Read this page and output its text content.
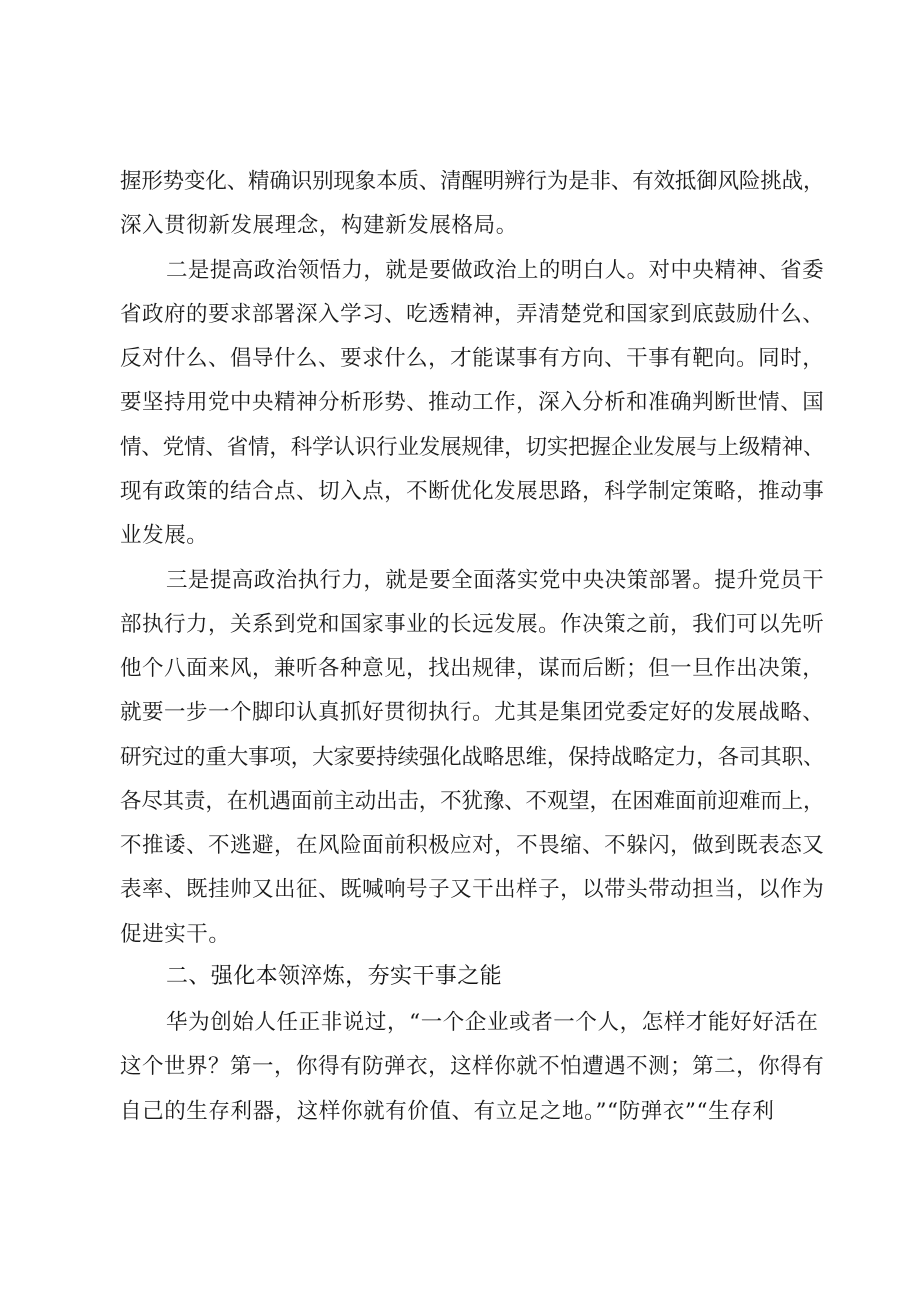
握形势变化、精确识别现象本质、清醒明辨行为是非、有效抵御风险挑战，
深入贯彻新发展理念，构建新发展格局。
二是提高政治领悟力，就是要做政治上的明白人。对中央精神、省委
省政府的要求部署深入学习、吃透精神，弄清楚党和国家到底鼓励什么、
反对什么、倡导什么、要求什么，才能谋事有方向、干事有靶向。同时，
要坚持用党中央精神分析形势、推动工作，深入分析和准确判断世情、国
情、党情、省情，科学认识行业发展规律，切实把握企业发展与上级精神、
现有政策的结合点、切入点，不断优化发展思路，科学制定策略，推动事
业发展。
三是提高政治执行力，就是要全面落实党中央决策部署。提升党员干
部执行力，关系到党和国家事业的长远发展。作决策之前，我们可以先听
他个八面来风，兼听各种意见，找出规律，谋而后断；但一旦作出决策，
就要一步一个脚印认真抓好贯彻执行。尤其是集团党委定好的发展战略、
研究过的重大事项，大家要持续强化战略思维，保持战略定力，各司其职、
各尽其责，在机遇面前主动出击，不犹豫、不观望，在困难面前迎难而上，
不推诿、不逃避，在风险面前积极应对，不畏缩、不躲闪，做到既表态又
表率、既挂帅又出征、既喊响号子又干出样子，以带头带动担当，以作为
促进实干。
二、强化本领淬炼，夯实干事之能
华为创始人任正非说过，“一个企业或者一个人，怎样才能好好活在
这个世界？第一，你得有防弹衣，这样你就不怕遭遇不测；第二，你得有
自己的生存利器，这样你就有价值、有立足之地。”“防弹衣”“生存利
